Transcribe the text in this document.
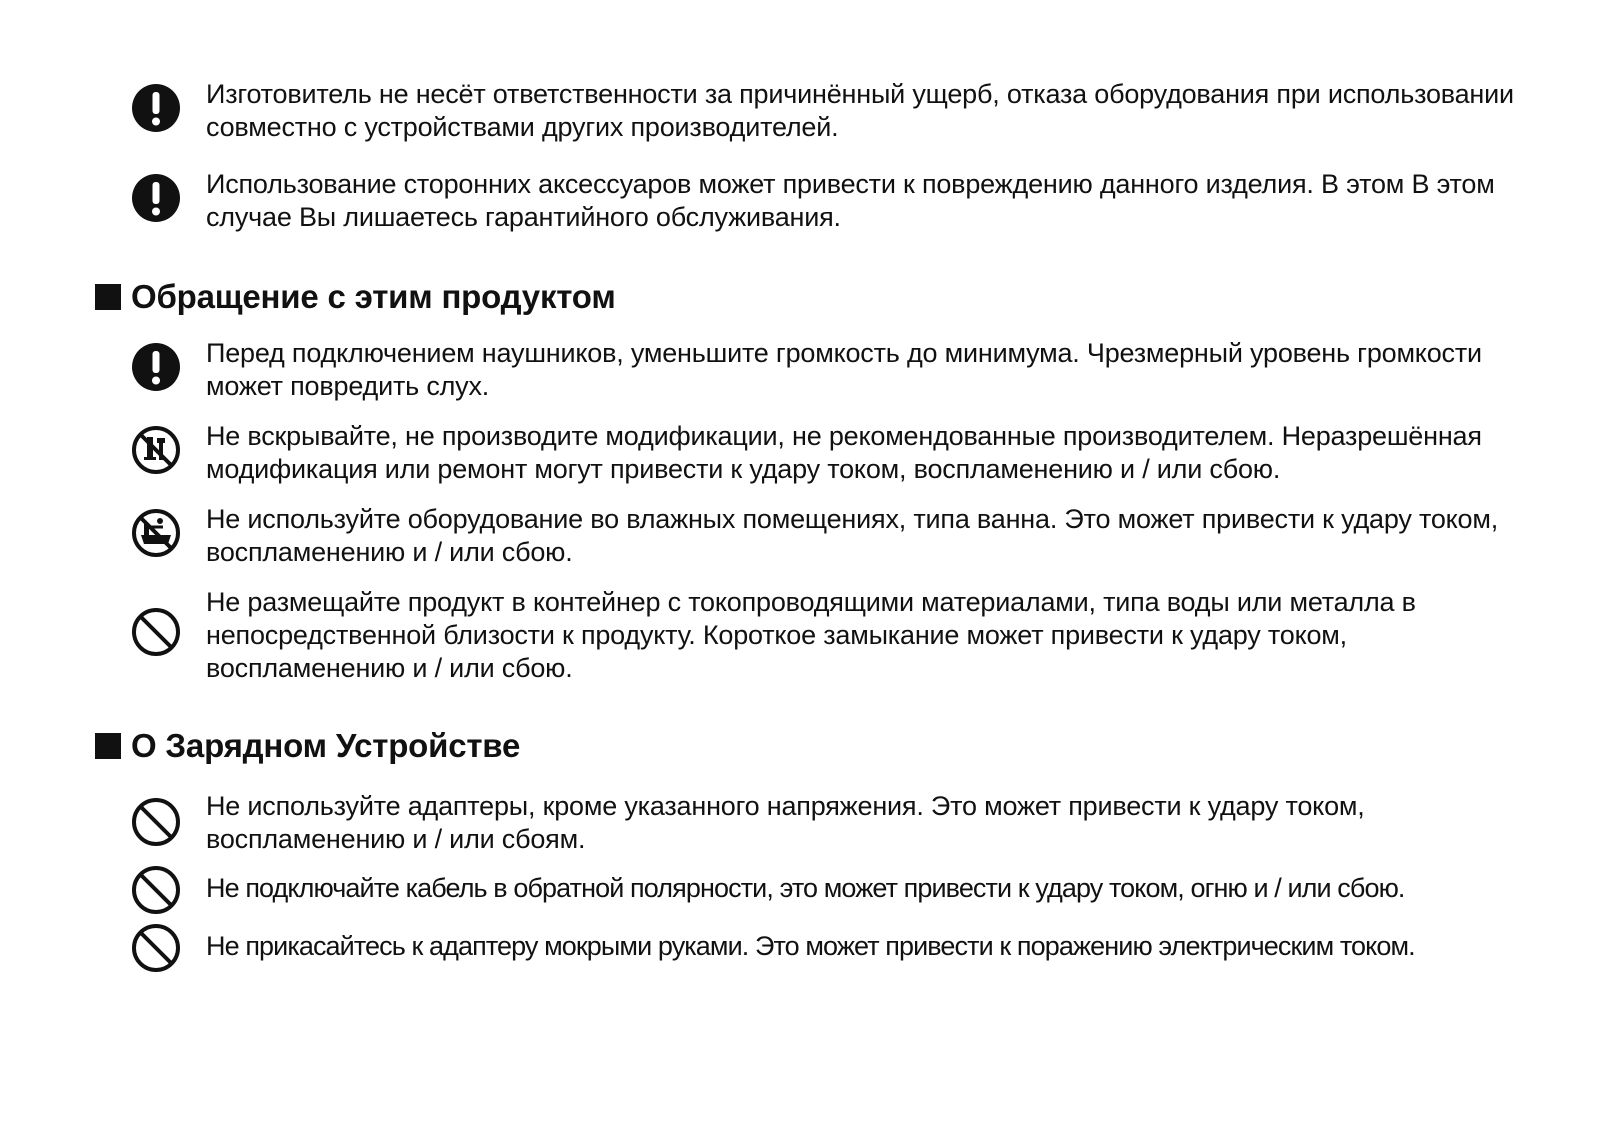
Изготовитель не несёт ответственности за причинённый ущерб, отказа оборудования при использовании совместно с устройствами других производителей.
Использование сторонних аксессуаров может привести к повреждению данного изделия. В этом В этом случае Вы лишаетесь гарантийного обслуживания.
Обращение с этим продуктом
Перед подключением наушников, уменьшите громкость до минимума. Чрезмерный уровень громкости может повредить слух.
Не вскрывайте, не производите модификации, не рекомендованные производителем. Неразрешённая модификация или ремонт могут привести к удару током, воспламенению и / или сбою.
Не используйте оборудование во влажных помещениях, типа ванна. Это может привести к удару током, воспламенению и / или сбою.
Не размещайте продукт в контейнер с токопроводящими материалами, типа воды или металла в непосредственной близости к продукту. Короткое замыкание может привести к удару током, воспламенению и / или сбою.
О Зарядном Устройстве
Не используйте адаптеры, кроме указанного напряжения. Это может привести к удару током, воспламенению и / или сбоям.
Не подключайте кабель в обратной полярности, это может привести к удару током, огню и / или сбою.
Не прикасайтесь к адаптеру мокрыми руками. Это может привести к поражению электрическим током.
